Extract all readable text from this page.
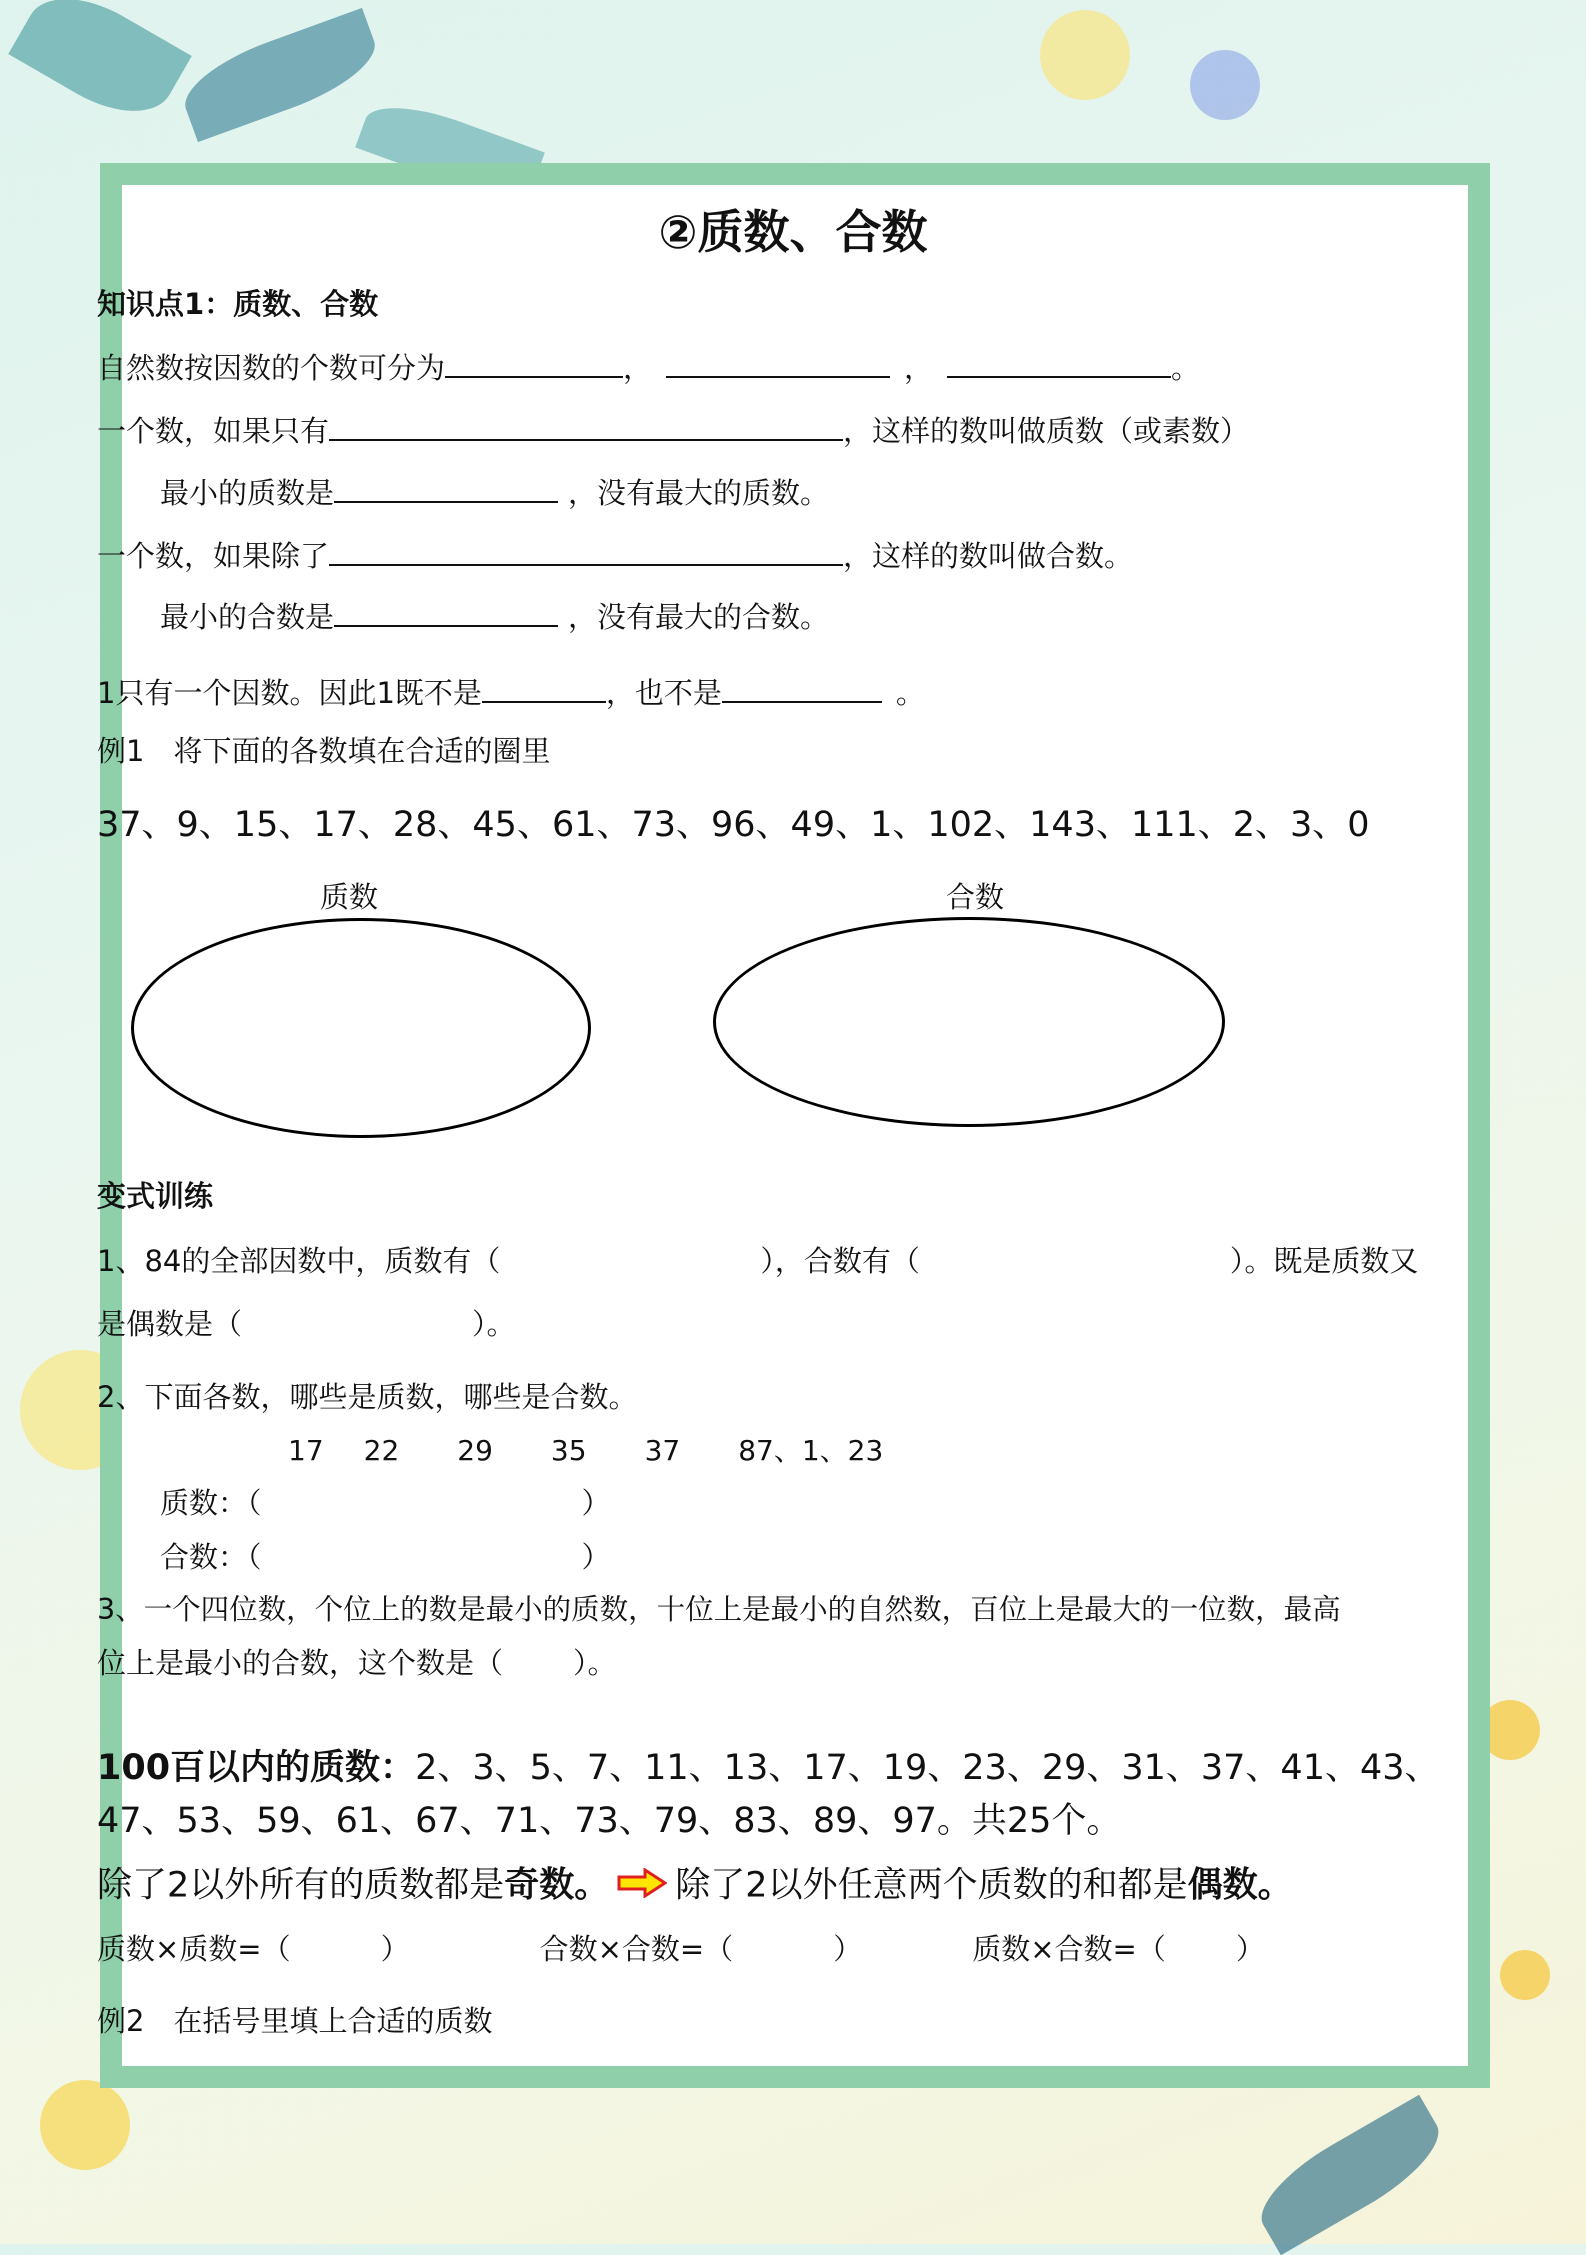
②质数、合数
知识点1：质数、合数
自然数按因数的个数可分为	，	，	。
一个数，如果只有	，这样的数叫做质数（或素数）
最小的质数是	，没有最大的质数。
一个数，如果除了	，这样的数叫做合数。
最小的合数是	，没有最大的合数。
1只有一个因数。因此1既不是	，也不是	。
例1　将下面的各数填在合适的圈里
37、9、15、17、28、45、61、73、96、49、1、102、143、111、2、3、0
质数	合数
变式训练
1、84的全部因数中，质数有（	），合数有（	）。既是质数又
是偶数是（	）。
2、下面各数，哪些是质数，哪些是合数。
17 22 29 35 37 87、1、23
质数：（	）
合数：（	）
3、一个四位数，个位上的数是最小的质数，十位上是最小的自然数，百位上是最大的一位数，最高
位上是最小的合数，这个数是（ ）。
100百以内的质数：2、3、5、7、11、13、17、19、23、29、31、37、41、43、
47、53、59、61、67、71、73、79、83、89、97。共25个。
除了2以外所有的质数都是奇数。 除了2以外任意两个质数的和都是偶数。
质数×质数=（	）	合数×合数=（	）	质数×合数=（ ）
例2　在括号里填上合适的质数
